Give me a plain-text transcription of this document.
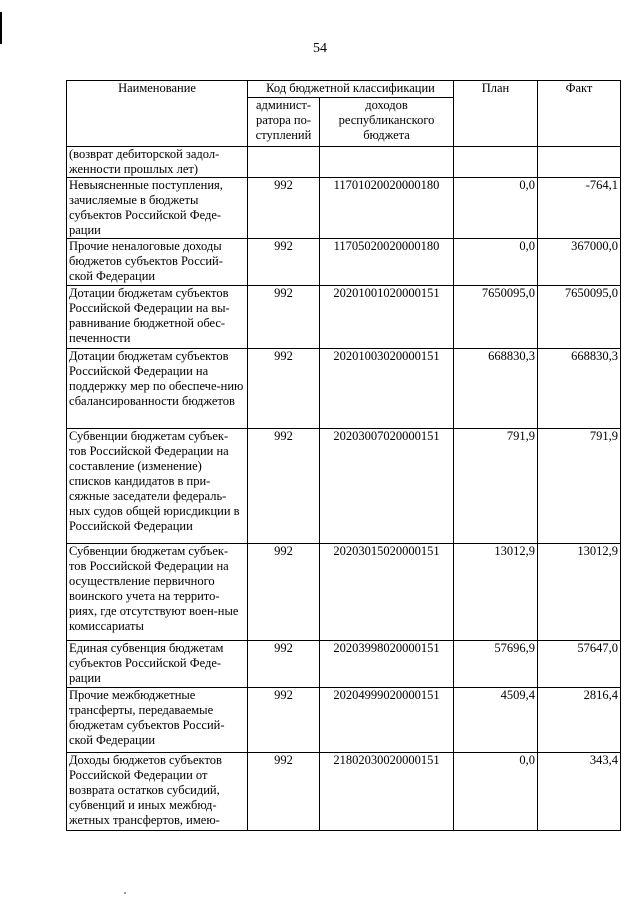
54
Наименование	Код бюджетной классификации		План	Факт
	админист-ратора по-ступлений	доходов республиканского бюджета		
(возврат дебиторской задол-женности прошлых лет)				
Невыясненные поступления, зачисляемые в бюджеты субъектов Российской Феде-рации	992	11701020020000180	0,0	-764,1
Прочие неналоговые доходы бюджетов субъектов Россий-ской Федерации	992	11705020020000180	0,0	367000,0
Дотации бюджетам субъектов Российской Федерации на вы-равнивание бюджетной обес-печенности	992	20201001020000151	7650095,0	7650095,0
Дотации бюджетам субъектов Российской Федерации на поддержку мер по обеспече-нию сбалансированности бюджетов	992	20201003020000151	668830,3	668830,3
Субвенции бюджетам субъек-тов Российской Федерации на составление (изменение) списков кандидатов в при-сяжные заседатели федераль-ных судов общей юрисдикции в Российской Федерации	992	20203007020000151	791,9	791,9
Субвенции бюджетам субъек-тов Российской Федерации на осуществление первичного воинского учета на террито-риях, где отсутствуют воен-ные комиссариаты	992	20203015020000151	13012,9	13012,9
Единая субвенция бюджетам субъектов Российской Феде-рации	992	20203998020000151	57696,9	57647,0
Прочие межбюджетные трансферты, передаваемые бюджетам субъектов Россий-ской Федерации	992	20204999020000151	4509,4	2816,4
Доходы бюджетов субъектов Российской Федерации от возврата остатков субсидий, субвенций и иных межбюд-жетных трансфертов, имею-	992	21802030020000151	0,0	343,4
